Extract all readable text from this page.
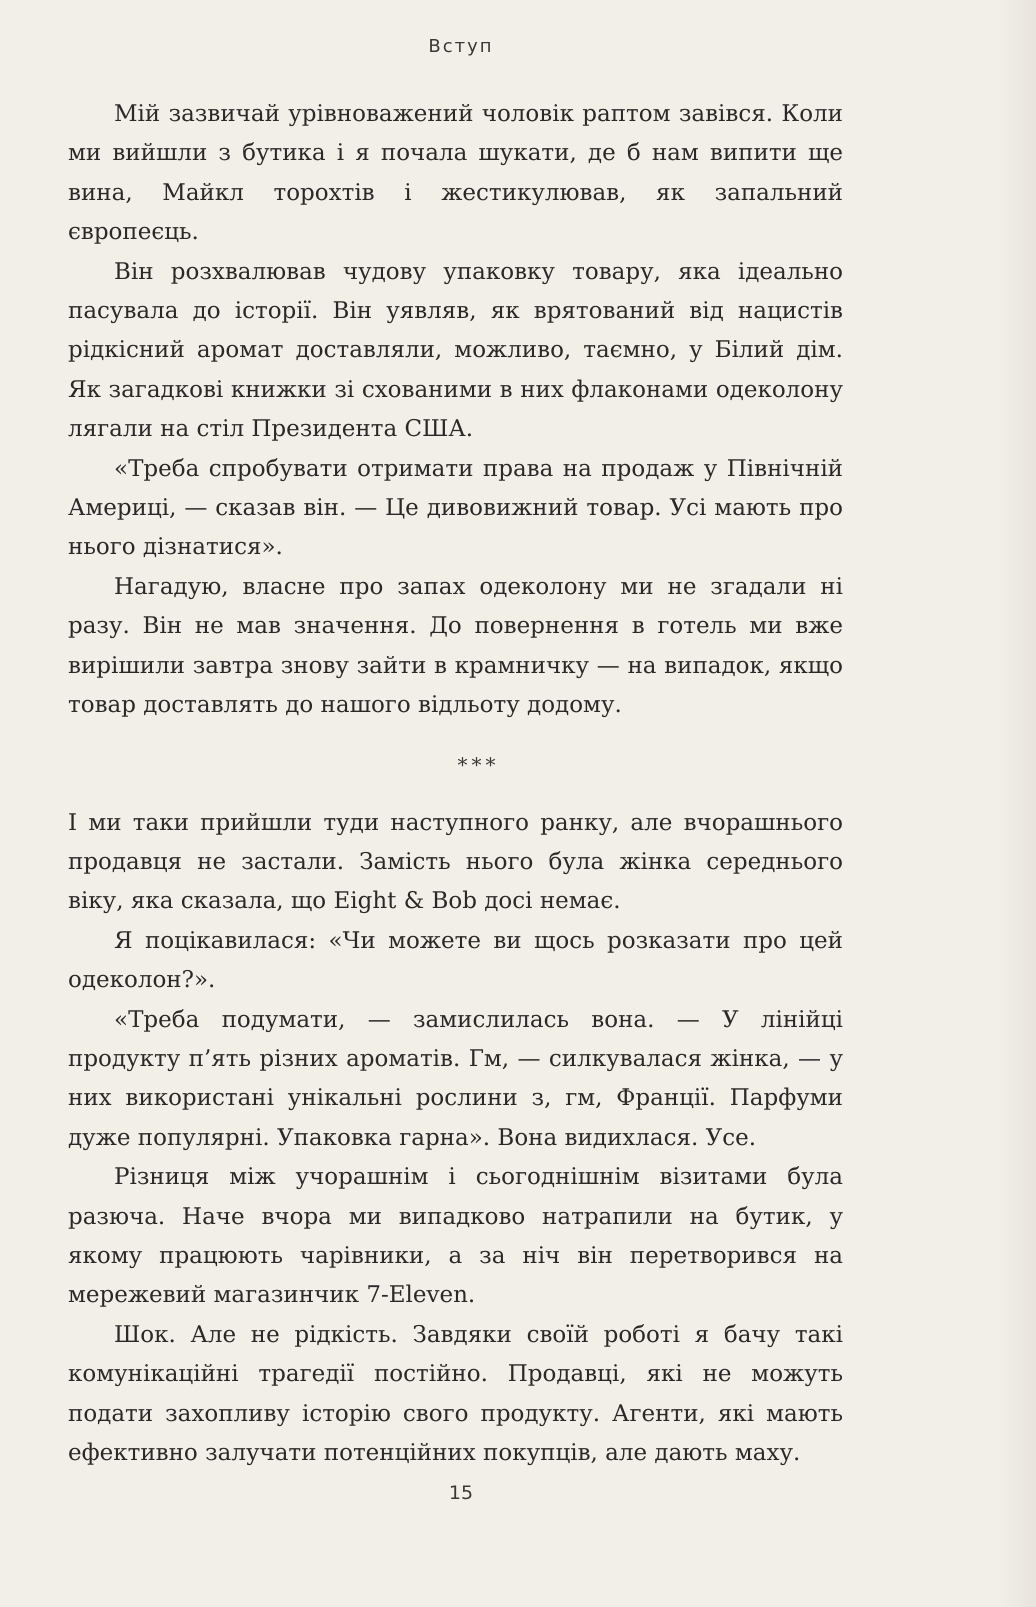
Вступ

Мій зазвичай урівноважений чоловік раптом завівся. Коли ми вийшли з бутика і я почала шукати, де б нам випити ще вина, Майкл торохтів і жестикулював, як запальний європеєць.

Він розхвалював чудову упаковку товару, яка ідеально пасувала до історії. Він уявляв, як врятований від нацистів рідкісний аромат доставляли, можливо, таємно, у Білий дім. Як загадкові книжки зі схованими в них флаконами одеколону лягали на стіл Президента США.

«Треба спробувати отримати права на продаж у Північній Америці, — сказав він. — Це дивовижний товар. Усі мають про нього дізнатися».

Нагадую, власне про запах одеколону ми не згадали ні разу. Він не мав значення. До повернення в готель ми вже вирішили завтра знову зайти в крамничку — на випадок, якщо товар доставлять до нашого відльоту додому.

***

І ми таки прийшли туди наступного ранку, але вчорашнього продавця не застали. Замість нього була жінка середнього віку, яка сказала, що Eight & Bob досі немає.

Я поцікавилася: «Чи можете ви щось розказати про цей одеколон?».

«Треба подумати, — замислилась вона. — У лінійці продукту п’ять різних ароматів. Гм, — силкувалася жінка, — у них використані унікальні рослини з, гм, Франції. Парфуми дуже популярні. Упаковка гарна». Вона видихлася. Усе.

Різниця між учорашнім і сьогоднішнім візитами була разюча. Наче вчора ми випадково натрапили на бутик, у якому працюють чарівники, а за ніч він перетворився на мережевий магазинчик 7-Eleven.

Шок. Але не рідкість. Завдяки своїй роботі я бачу такі комунікаційні трагедії постійно. Продавці, які не можуть подати захопливу історію свого продукту. Агенти, які мають ефективно залучати потенційних покупців, але дають маху.

15
